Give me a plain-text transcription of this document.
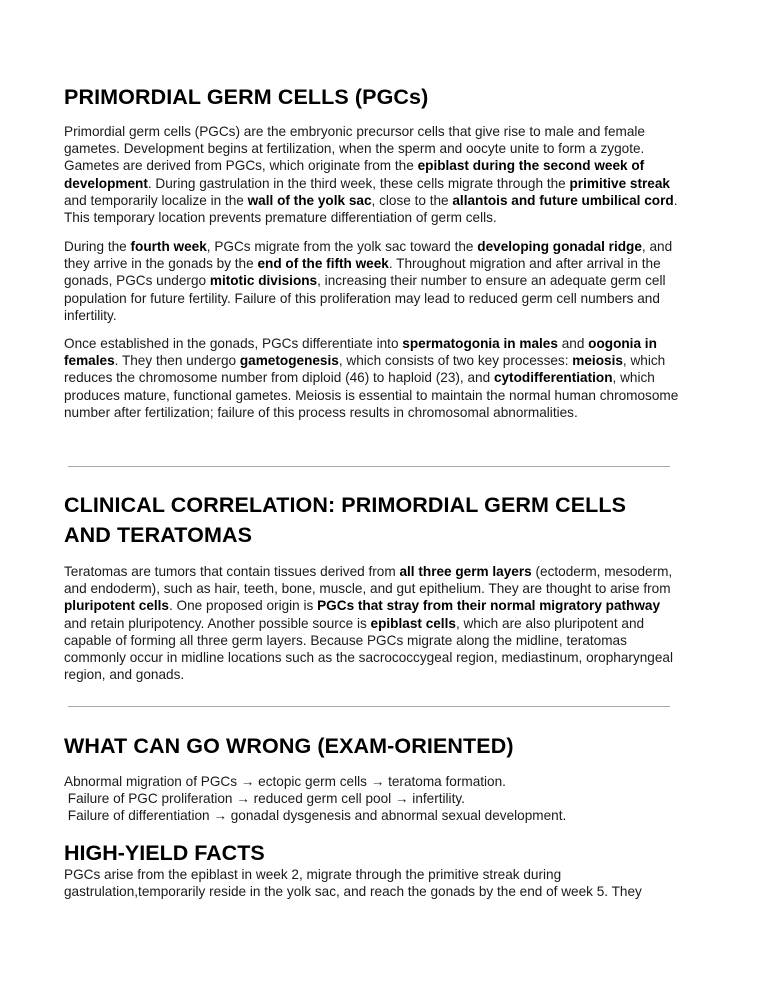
PRIMORDIAL GERM CELLS (PGCs)

Primordial germ cells (PGCs) are the embryonic precursor cells that give rise to male and female gametes. Development begins at fertilization, when the sperm and oocyte unite to form a zygote. Gametes are derived from PGCs, which originate from the epiblast during the second week of development. During gastrulation in the third week, these cells migrate through the primitive streak and temporarily localize in the wall of the yolk sac, close to the allantois and future umbilical cord. This temporary location prevents premature differentiation of germ cells.

During the fourth week, PGCs migrate from the yolk sac toward the developing gonadal ridge, and they arrive in the gonads by the end of the fifth week. Throughout migration and after arrival in the gonads, PGCs undergo mitotic divisions, increasing their number to ensure an adequate germ cell population for future fertility. Failure of this proliferation may lead to reduced germ cell numbers and infertility.

Once established in the gonads, PGCs differentiate into spermatogonia in males and oogonia in females. They then undergo gametogenesis, which consists of two key processes: meiosis, which reduces the chromosome number from diploid (46) to haploid (23), and cytodifferentiation, which produces mature, functional gametes. Meiosis is essential to maintain the normal human chromosome number after fertilization; failure of this process results in chromosomal abnormalities.

CLINICAL CORRELATION: PRIMORDIAL GERM CELLS AND TERATOMAS

Teratomas are tumors that contain tissues derived from all three germ layers (ectoderm, mesoderm, and endoderm), such as hair, teeth, bone, muscle, and gut epithelium. They are thought to arise from pluripotent cells. One proposed origin is PGCs that stray from their normal migratory pathway and retain pluripotency. Another possible source is epiblast cells, which are also pluripotent and capable of forming all three germ layers. Because PGCs migrate along the midline, teratomas commonly occur in midline locations such as the sacrococcygeal region, mediastinum, oropharyngeal region, and gonads.

WHAT CAN GO WRONG (EXAM-ORIENTED)
Abnormal migration of PGCs → ectopic germ cells → teratoma formation.
Failure of PGC proliferation → reduced germ cell pool → infertility.
Failure of differentiation → gonadal dysgenesis and abnormal sexual development.
HIGH-YIELD FACTS

PGCs arise from the epiblast in week 2, migrate through the primitive streak during gastrulation,temporarily reside in the yolk sac, and reach the gonads by the end of week 5. They
